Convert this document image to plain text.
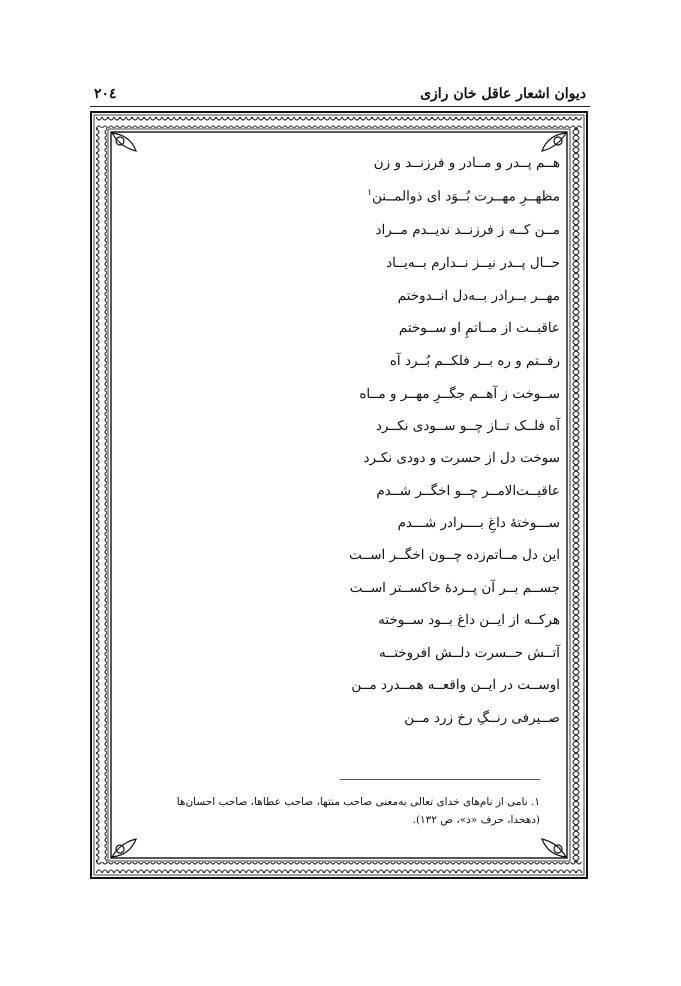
دیوان اشعار عاقل خان رازی
۲۰٤
هــم پــدر و مــادر و فرزنــد و زن
مظهــرِ مهــرت بُــوَد ای ذوالمــنن$^۱$
مــن کــه ز فرزنــد ندیــدم مــراد
حــال پــدر نیــز نــدارم بــه‌یــاد
مهــر بــرادر بــه‌دل انــدوختم
عاقبــت از مــاتمِ او ســوختم
رفــتم و ره بــر فلکــم بُــرد آه
ســوخت ز آهــم جگــرِ مهــر و مــاه
آه فلــک تــاز چــو ســودی نکــرد
سوخت دل از حسرت و دودی نکـرد
عاقبــت‌الامــر چــو اخگــر شــدم
ســـوختهٔ داغِ بــــرادر شـــدم
این دل مــاتم‌زده چــون اخگــر اســت
جســم بــر آن پــردهٔ خاکســتر اســت
هرکــه از ایــن داغ بــود ســوخته
آتــش حــسرت دلــش افروختــه
اوســت در ایــن واقعــه همــدرد مــن
صــیرفی رنــگِ رخ زرد مــن
۱. نامی از نام‌های خدای تعالی به‌معنی صاحب منتها، صاحب عطاها، صاحب احسان‌ها
(دهخدا، حرف «ذ»، ص ۱۳۲).
